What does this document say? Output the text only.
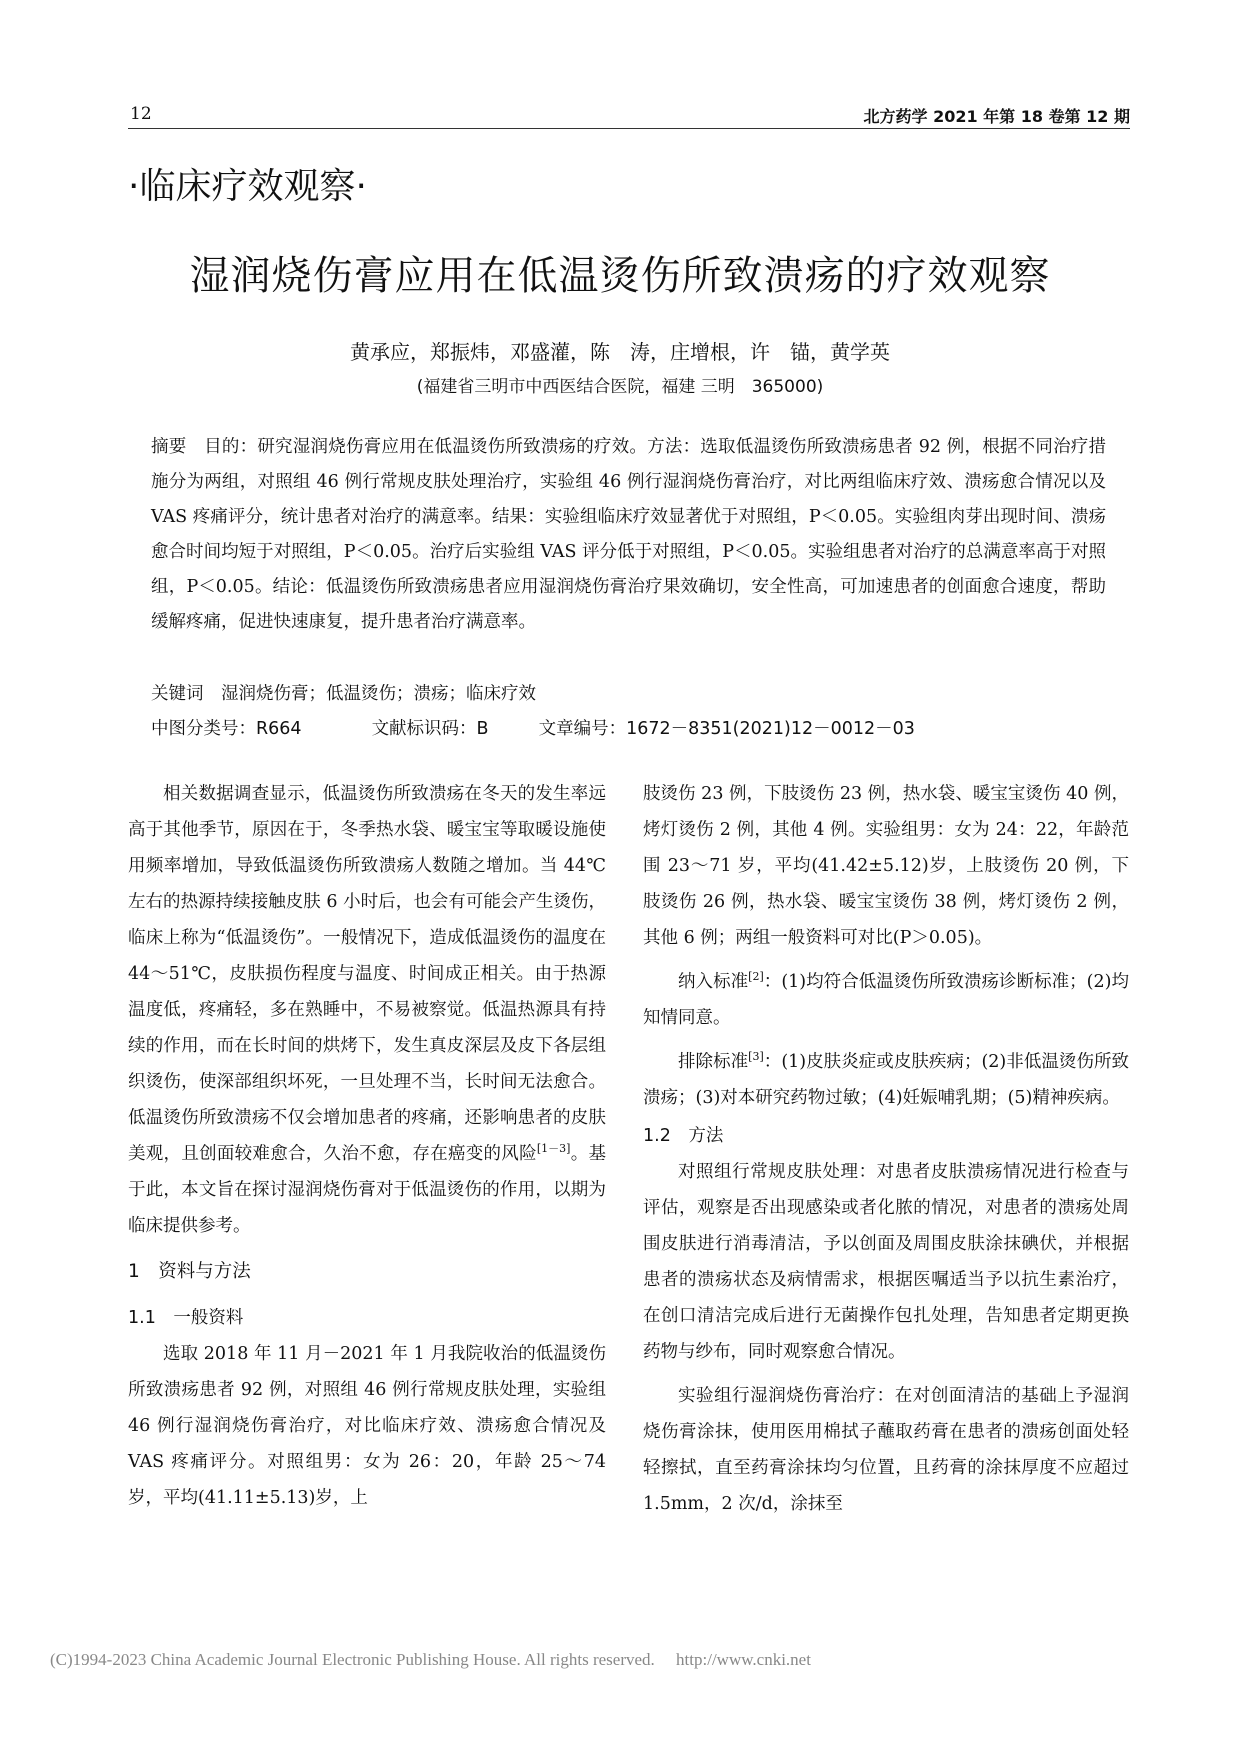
12	北方药学 2021 年第 18 卷第 12 期
·临床疗效观察·
湿润烧伤膏应用在低温烫伤所致溃疡的疗效观察
黄承应，郑振炜，邓盛灌，陈　涛，庄增根，许　锚，黄学英
(福建省三明市中西医结合医院，福建 三明　365000)
摘要  目的：研究湿润烧伤膏应用在低温烫伤所致溃疡的疗效。方法：选取低温烫伤所致溃疡患者 92 例，根据不同治疗措施分为两组，对照组 46 例行常规皮肤处理治疗，实验组 46 例行湿润烧伤膏治疗，对比两组临床疗效、溃疡愈合情况以及 VAS 疼痛评分，统计患者对治疗的满意率。结果：实验组临床疗效显著优于对照组，P＜0.05。实验组肉芽出现时间、溃疡愈合时间均短于对照组，P＜0.05。治疗后实验组 VAS 评分低于对照组，P＜0.05。实验组患者对治疗的总满意率高于对照组，P＜0.05。结论：低温烫伤所致溃疡患者应用湿润烧伤膏治疗果效确切，安全性高，可加速患者的创面愈合速度，帮助缓解疼痛，促进快速康复，提升患者治疗满意率。
关键词  湿润烧伤膏；低温烫伤；溃疡；临床疗效
中图分类号：R664	文献标识码：B	文章编号：1672－8351(2021)12－0012－03

相关数据调查显示，低温烫伤所致溃疡在冬天的发生率远高于其他季节，原因在于，冬季热水袋、暖宝宝等取暖设施使用频率增加，导致低温烫伤所致溃疡人数随之增加。当 44℃左右的热源持续接触皮肤 6 小时后，也会有可能会产生烫伤，临床上称为“低温烫伤”。一般情况下，造成低温烫伤的温度在 44～51℃，皮肤损伤程度与温度、时间成正相关。由于热源温度低，疼痛轻，多在熟睡中，不易被察觉。低温热源具有持续的作用，而在长时间的烘烤下，发生真皮深层及皮下各层组织烫伤，使深部组织坏死，一旦处理不当，长时间无法愈合。低温烫伤所致溃疡不仅会增加患者的疼痛，还影响患者的皮肤美观，且创面较难愈合，久治不愈，存在癌变的风险[1－3]。基于此，本文旨在探讨湿润烧伤膏对于低温烫伤的作用，以期为临床提供参考。

1　资料与方法
1.1　一般资料

选取 2018 年 11 月－2021 年 1 月我院收治的低温烫伤所致溃疡患者 92 例，对照组 46 例行常规皮肤处理，实验组 46 例行湿润烧伤膏治疗，对比临床疗效、溃疡愈合情况及 VAS 疼痛评分。对照组男：女为 26：20，年龄 25～74 岁，平均(41.11±5.13)岁，上

肢烫伤 23 例，下肢烫伤 23 例，热水袋、暖宝宝烫伤 40 例，烤灯烫伤 2 例，其他 4 例。实验组男：女为 24：22，年龄范围 23～71 岁，平均(41.42±5.12)岁，上肢烫伤 20 例，下肢烫伤 26 例，热水袋、暖宝宝烫伤 38 例，烤灯烫伤 2 例，其他 6 例；两组一般资料可对比(P＞0.05)。

纳入标准[2]：(1)均符合低温烫伤所致溃疡诊断标准；(2)均知情同意。

排除标准[3]：(1)皮肤炎症或皮肤疾病；(2)非低温烫伤所致溃疡；(3)对本研究药物过敏；(4)妊娠哺乳期；(5)精神疾病。

1.2　方法

对照组行常规皮肤处理：对患者皮肤溃疡情况进行检查与评估，观察是否出现感染或者化脓的情况，对患者的溃疡处周围皮肤进行消毒清洁，予以创面及周围皮肤涂抹碘伏，并根据患者的溃疡状态及病情需求，根据医嘱适当予以抗生素治疗，在创口清洁完成后进行无菌操作包扎处理，告知患者定期更换药物与纱布，同时观察愈合情况。

实验组行湿润烧伤膏治疗：在对创面清洁的基础上予湿润烧伤膏涂抹，使用医用棉拭子蘸取药膏在患者的溃疡创面处轻轻擦拭，直至药膏涂抹均匀位置，且药膏的涂抹厚度不应超过 1.5mm，2 次/d，涂抹至

(C)1994-2023 China Academic Journal Electronic Publishing House. All rights reserved.　 http://www.cnki.net
